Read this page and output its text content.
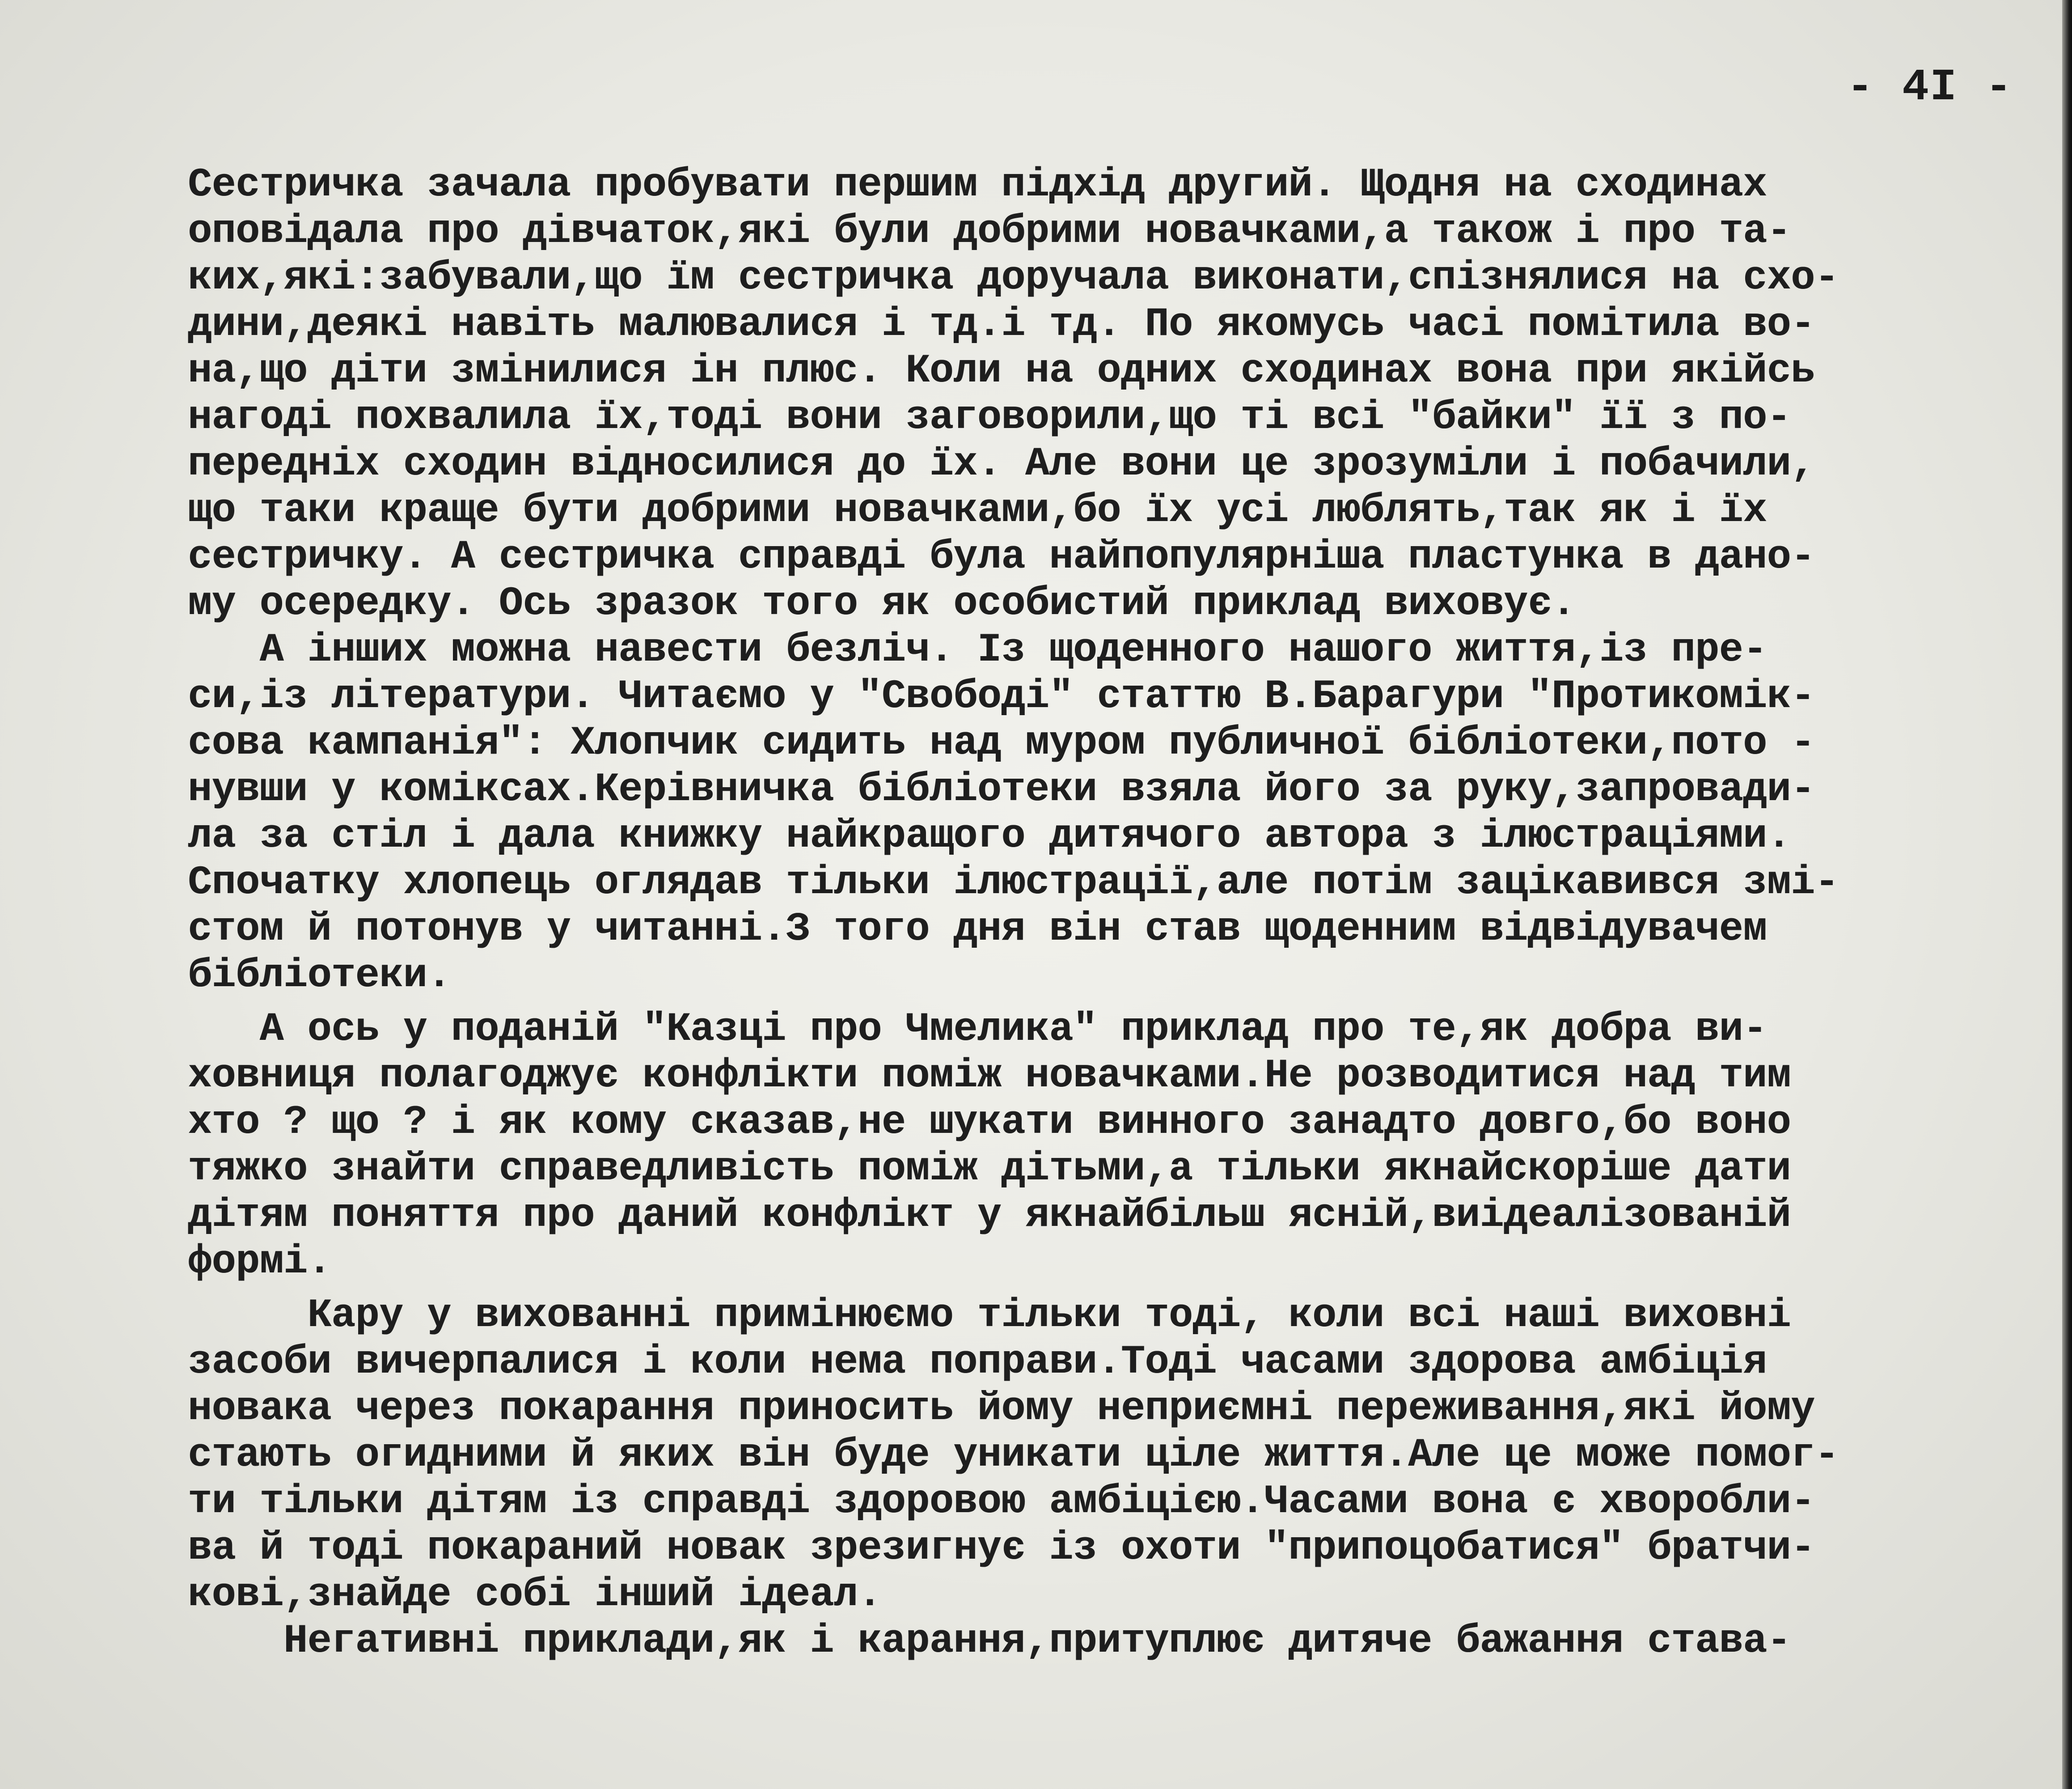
- 4I -
Сестричка зачала пробувати першим підхід другий. Щодня на сходинах
оповідала про дівчаток,які були добрими новачками,а також і про та-
ких,які:забували,що їм сестричка доручала виконати,спізнялися на схо-
дини,деякі навіть малювалися і тд.і тд. По якомусь часі помітила во-
на,що діти змінилися ін плюс. Коли на одних сходинах вона при якійсь
нагоді похвалила їх,тоді вони заговорили,що ті всі "байки" її з по-
передніх сходин відносилися до їх. Але вони це зрозуміли і побачили,
що таки краще бути добрими новачками,бо їх усі люблять,так як і їх
сестричку. А сестричка справді була найпопулярніша пластунка в дано-
му осередку. Ось зразок того як особистий приклад виховує.
А інших можна навести безліч. Із щоденного нашого життя,із пре-
си,із літератури. Читаємо у "Свободі" статтю В.Барагури "Протикомік-
сова кампанія": Хлопчик сидить над муром публичної бібліотеки,пото -
нувши у коміксах.Керівничка бібліотеки взяла його за руку,запровади-
ла за стіл і дала книжку найкращого дитячого автора з ілюстраціями.
Спочатку хлопець оглядав тільки ілюстрації,але потім зацікавився змі-
стом й потонув у читанні.З того дня він став щоденним відвідувачем
бібліотеки.
А ось у поданій "Казці про Чмелика" приклад про те,як добра ви-
ховниця полагоджує конфлікти поміж новачками.Не розводитися над тим
хто ? що ? і як кому сказав,не шукати винного занадто довго,бо воно
тяжко знайти справедливість поміж дітьми,а тільки якнайскоріше дати
дітям поняття про даний конфлікт у якнайбільш ясній,виідеалізованій
формі.
Кару у вихованні примінюємо тільки тоді, коли всі наші виховні
засоби вичерпалися і коли нема поправи.Тоді часами здорова амбіція
новака через покарання приносить йому неприємні переживання,які йому
стають огидними й яких він буде уникати ціле життя.Але це може помог-
ти тільки дітям із справді здоровою амбіцією.Часами вона є хворобли-
ва й тоді покараний новак зрезигнує із охоти "припоцобатися" братчи-
кові,знайде собі інший ідеал.
Негативні приклади,як і карання,притуплює дитяче бажання става-
